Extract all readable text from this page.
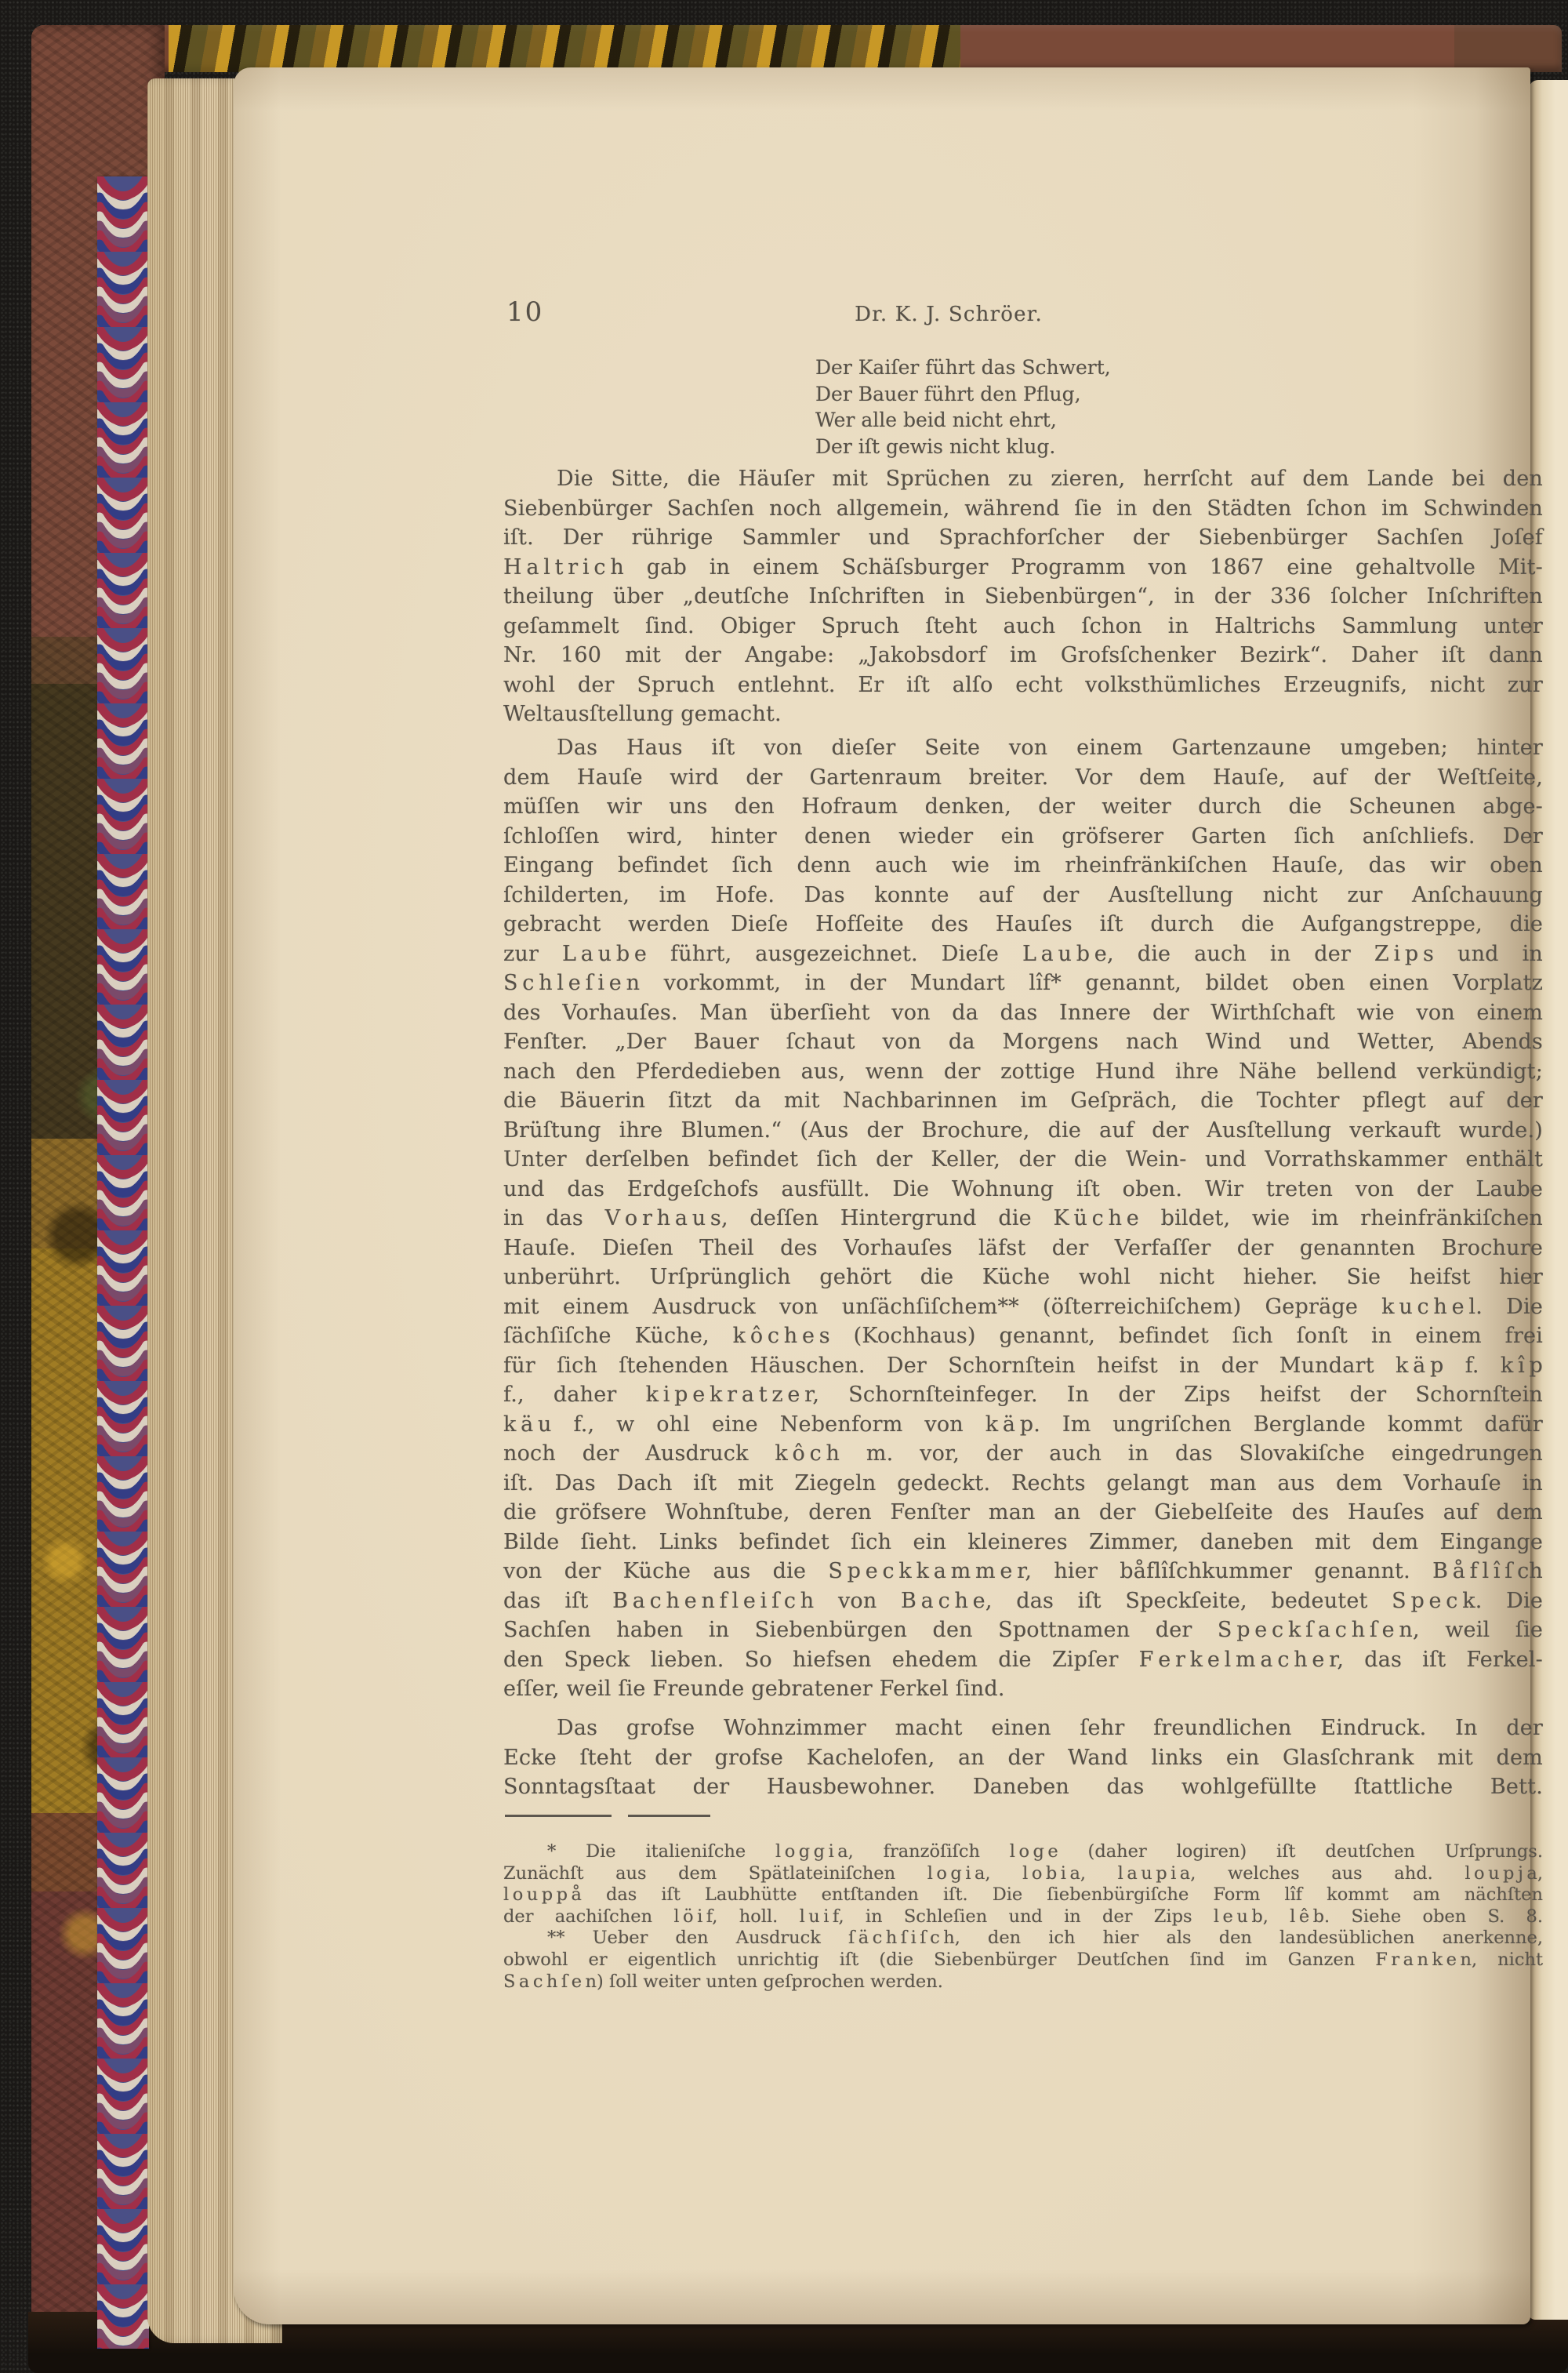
10	Dr. K. J. Schröer.
Der Kaiſer führt das Schwert,
Der Bauer führt den Pflug,
Wer alle beid nicht ehrt,
Der iſt gewis nicht klug.
Die Sitte, die Häuſer mit Sprüchen zu zieren, herrſcht auf dem Lande bei den
Siebenbürger Sachſen noch allgemein, während ſie in den Städten ſchon im Schwinden
iſt. Der rührige Sammler und Sprachforſcher der Siebenbürger Sachſen Joſef
H a l t r i c h gab in einem Schäſsburger Programm von 1867 eine gehaltvolle Mit-
theilung über „deutſche Inſchriften in Siebenbürgen“, in der 336 ſolcher Inſchriften
geſammelt ſind. Obiger Spruch ſteht auch ſchon in Haltrichs Sammlung unter
Nr. 160 mit der Angabe: „Jakobsdorf im Grofsſchenker Bezirk“. Daher iſt dann
wohl der Spruch entlehnt. Er iſt alſo echt volksthümliches Erzeugnifs, nicht zur
Weltausſtellung gemacht.
Das Haus iſt von dieſer Seite von einem Gartenzaune umgeben; hinter
dem Hauſe wird der Gartenraum breiter. Vor dem Hauſe, auf der Weſtſeite,
müſſen wir uns den Hofraum denken, der weiter durch die Scheunen abge-
ſchloſſen wird, hinter denen wieder ein gröfserer Garten ſich anſchliefs. Der
Eingang befindet ſich denn auch wie im rheinfränkiſchen Hauſe, das wir oben
ſchilderten, im Hofe. Das konnte auf der Ausſtellung nicht zur Anſchauung
gebracht werden Dieſe Hofſeite des Hauſes iſt durch die Aufgangstreppe, die
zur L a u b e führt, ausgezeichnet. Dieſe L a u b e, die auch in der Z i p s und in
S c h l e ſ i e n vorkommt, in der Mundart lîf* genannt, bildet oben einen Vorplatz
des Vorhauſes. Man überſieht von da das Innere der Wirthſchaft wie von einem
Fenſter. „Der Bauer ſchaut von da Morgens nach Wind und Wetter, Abends
nach den Pferdedieben aus, wenn der zottige Hund ihre Nähe bellend verkündigt;
die Bäuerin ſitzt da mit Nachbarinnen im Geſpräch, die Tochter pflegt auf der
Brüſtung ihre Blumen.“ (Aus der Brochure, die auf der Ausſtellung verkauft wurde.)
Unter derſelben befindet ſich der Keller, der die Wein- und Vorrathskammer enthält
und das Erdgeſchofs ausfüllt. Die Wohnung iſt oben. Wir treten von der Laube
in das V o r h a u s, deſſen Hintergrund die K ü c h e bildet, wie im rheinfränkiſchen
Hauſe. Dieſen Theil des Vorhauſes läfst der Verfaſſer der genannten Brochure
unberührt. Urſprünglich gehört die Küche wohl nicht hieher. Sie heifst hier
mit einem Ausdruck von unſächſiſchem** (öſterreichiſchem) Gepräge k u c h e l. Die
ſächſiſche Küche, k ô c h e s (Kochhaus) genannt, befindet ſich ſonſt in einem frei
für ſich ſtehenden Häuschen. Der Schornſtein heifst in der Mundart k ä p f. k î p
f., daher k i p e k r a t z e r, Schornſteinfeger. In der Zips heifst der Schornſtein
k ä u f., w ohl eine Nebenform von k ä p. Im ungriſchen Berglande kommt dafür
noch der Ausdruck k ô c h m. vor, der auch in das Slovakiſche eingedrungen
iſt. Das Dach iſt mit Ziegeln gedeckt. Rechts gelangt man aus dem Vorhauſe in
die gröfsere Wohnſtube, deren Fenſter man an der Giebelſeite des Hauſes auf dem
Bilde ſieht. Links befindet ſich ein kleineres Zimmer, daneben mit dem Eingange
von der Küche aus die S p e c k k a m m e r, hier båflîſchkummer genannt. B å f l î ſ ch
das iſt B a c h e n f l e i ſ c h von B a c h e, das iſt Speckſeite, bedeutet S p e c k. Die
Sachſen haben in Siebenbürgen den Spottnamen der S p e c k ſ a c h ſ e n, weil ſie
den Speck lieben. So hiefsen ehedem die Zipſer F e r k e l m a c h e r, das iſt Ferkel-
eſſer, weil ſie Freunde gebratener Ferkel ſind.
Das grofse Wohnzimmer macht einen ſehr freundlichen Eindruck. In der
Ecke ſteht der grofse Kachelofen, an der Wand links ein Glasſchrank mit dem
Sonntagsſtaat der Hausbewohner. Daneben das wohlgefüllte ſtattliche Bett.
* Die italieniſche l o g g i a, franzöſiſch l o g e (daher logiren) iſt deutſchen Urſprungs.
Zunächſt aus dem Spätlateiniſchen l o g i a, l o b i a, l a u p i a, welches aus ahd. l o u p j a,
l o u p p å das iſt Laubhütte entſtanden iſt. Die ſiebenbürgiſche Form lîf kommt am nächſten
der aachiſchen l ö i f, holl. l u i f, in Schleſien und in der Zips l e u b, l ê b. Siehe oben S. 8.
** Ueber den Ausdruck ſ ä c h ſ i ſ c h, den ich hier als den landesüblichen anerkenne,
obwohl er eigentlich unrichtig iſt (die Siebenbürger Deutſchen ſind im Ganzen F r a n k e n, nicht
S a c h ſ e n) ſoll weiter unten geſprochen werden.
